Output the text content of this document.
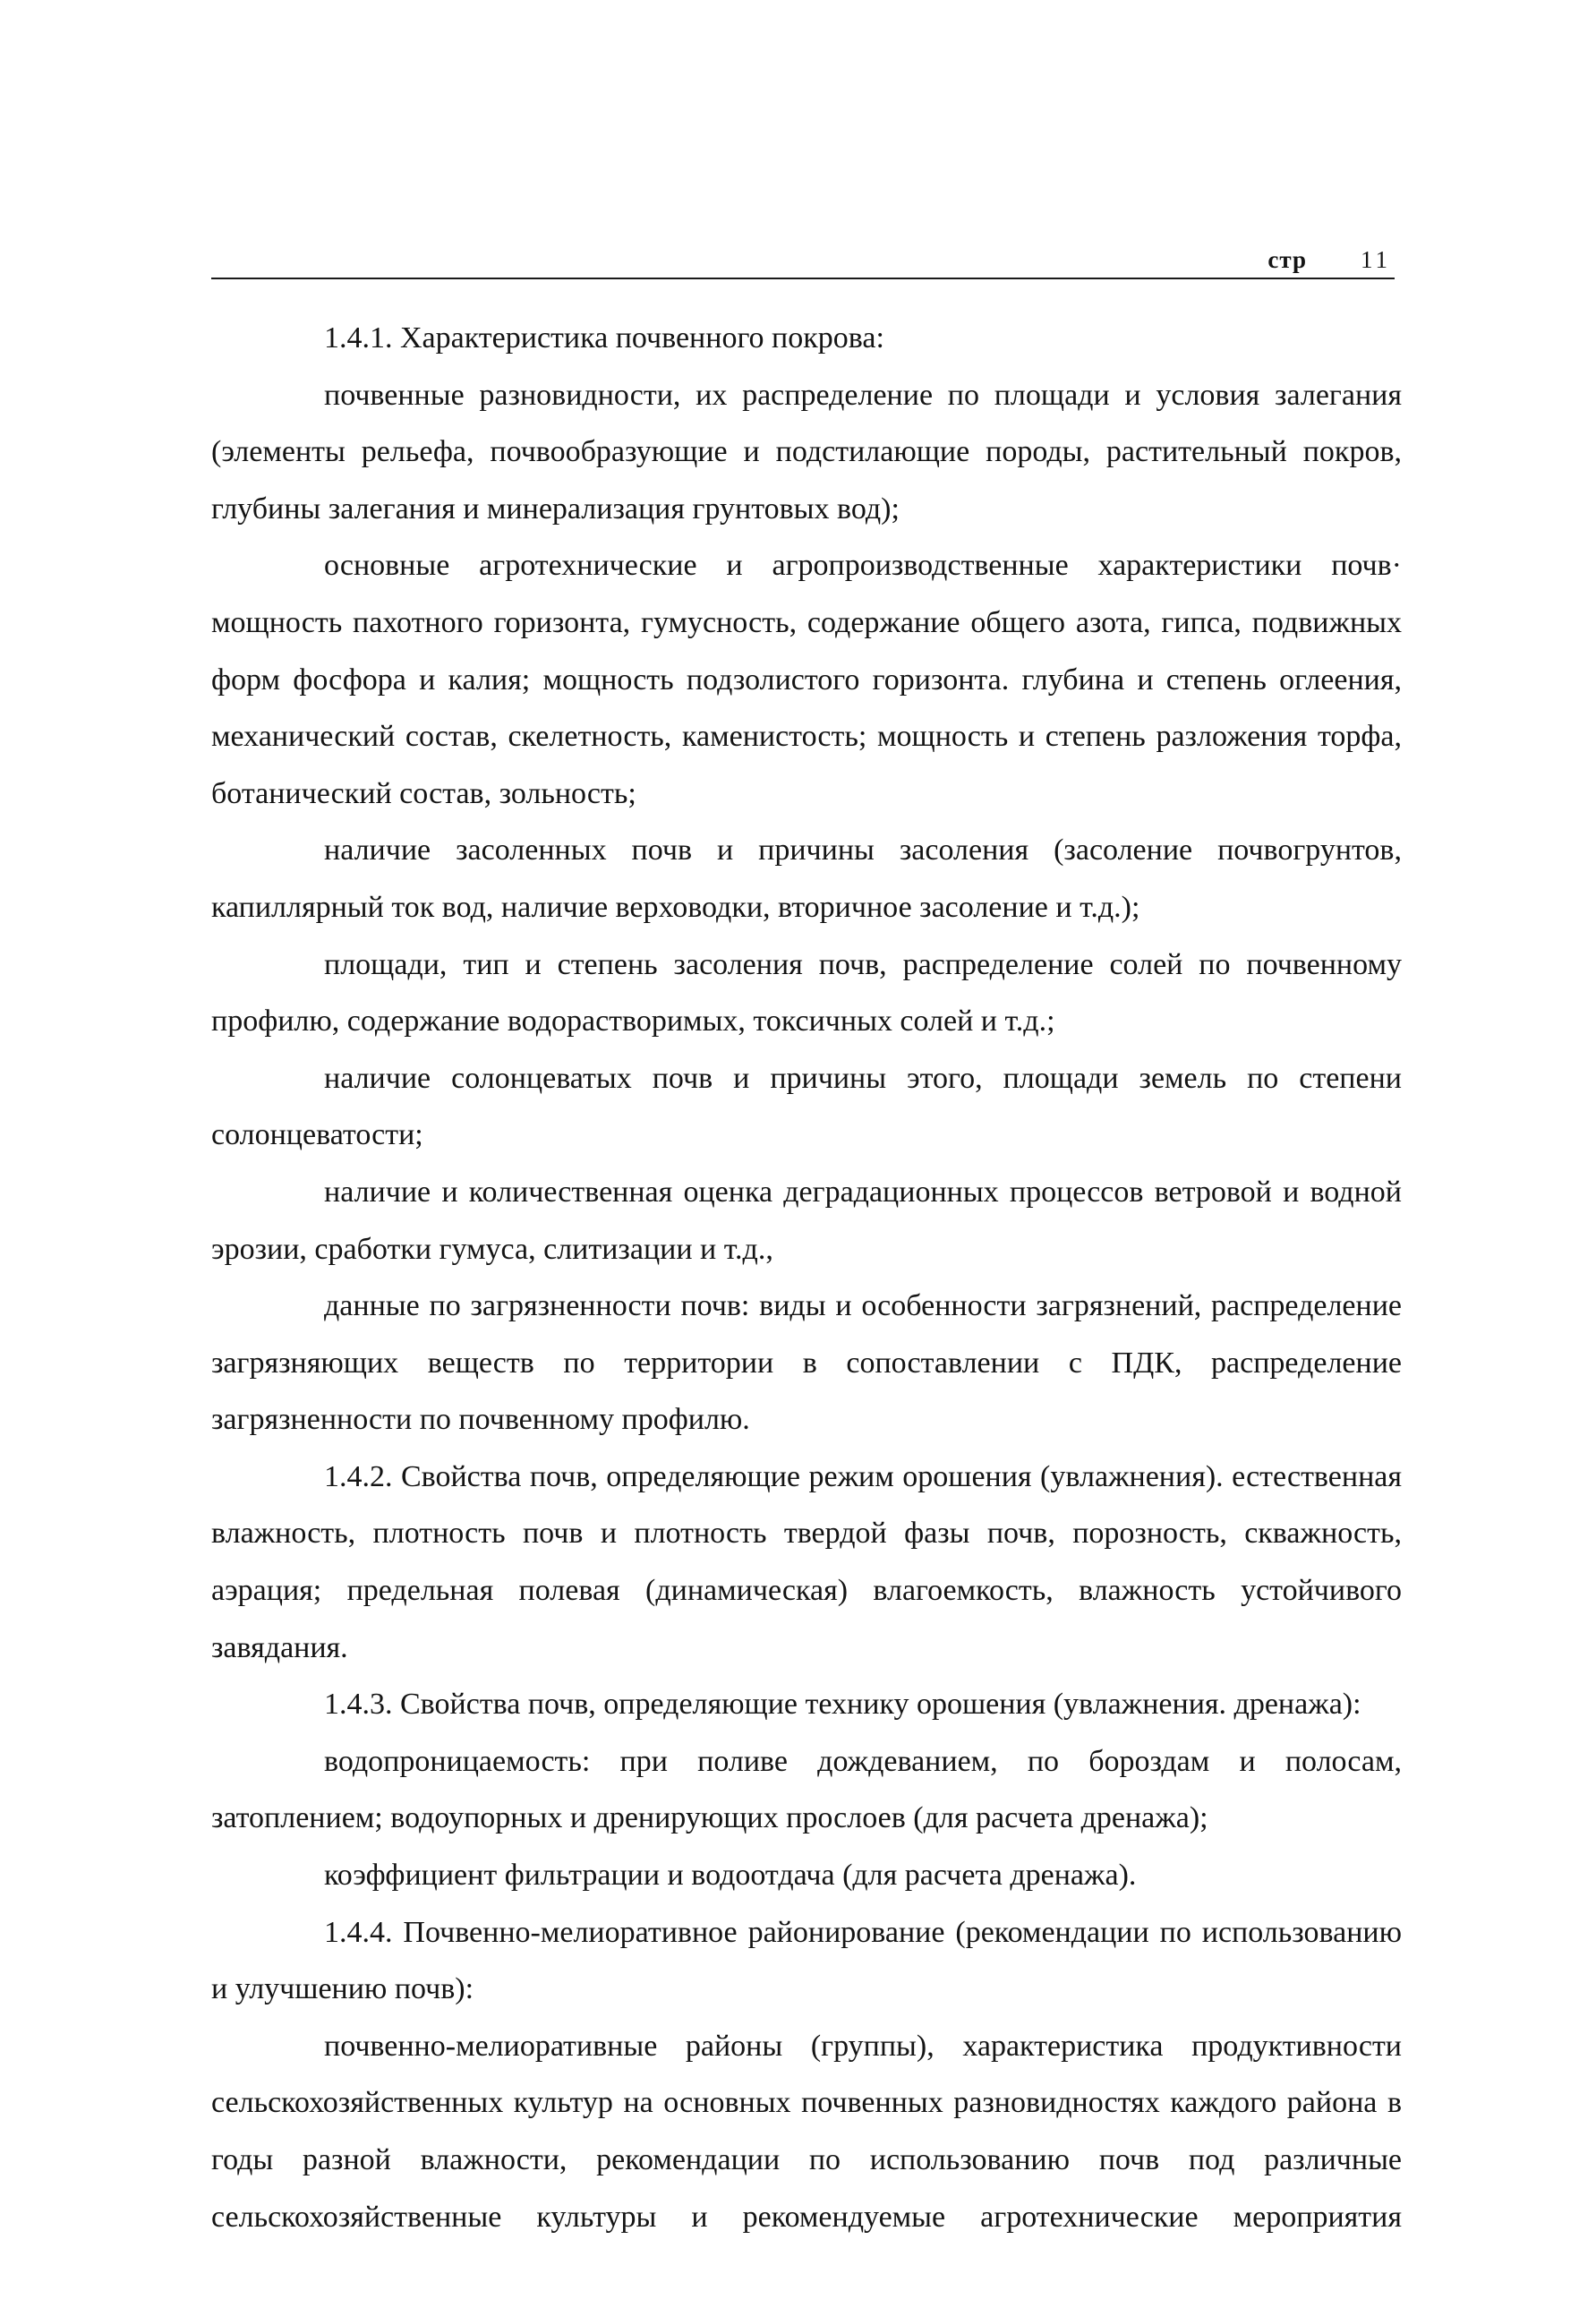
стр 11

1.4.1. Характеристика почвенного покрова:

почвенные разновидности, их распределение по площади и условия залегания (элементы рельефа, почвообразующие и подстилающие породы, растительный покров, глубины залегания и минерализация грунтовых вод);

основные агротехнические и агропроизводственные характеристики почв· мощность пахотного горизонта, гумусность, содержание общего азота, гипса, подвижных форм фосфора и калия; мощность подзолистого горизонта. глубина и степень оглеения, механический состав, скелетность, каменистость; мощность и степень разложения торфа, ботанический состав, зольность;

наличие засоленных почв и причины засоления (засоление почвогрунтов, капиллярный ток вод, наличие верховодки, вторичное засоление и т.д.);

площади, тип и степень засоления почв, распределение солей по почвенному профилю, содержание водорастворимых, токсичных солей и т.д.;

наличие солонцеватых почв и причины этого, площади земель по степени солонцеватости;

наличие и количественная оценка деградационных процессов ветровой и водной эрозии, сработки гумуса, слитизации и т.д.,

данные по загрязненности почв: виды и особенности загрязнений, распределение загрязняющих веществ по территории в сопоставлении с ПДК, распределение загрязненности по почвенному профилю.

1.4.2. Свойства почв, определяющие режим орошения (увлажнения). естественная влажность, плотность почв и плотность твердой фазы почв, порозность, скважность, аэрация; предельная полевая (динамическая) влагоемкость, влажность устойчивого завядания.

1.4.3. Свойства почв, определяющие технику орошения (увлажнения. дренажа):

водопроницаемость: при поливе дождеванием, по бороздам и полосам, затоплением; водоупорных и дренирующих прослоев (для расчета дренажа);

коэффициент фильтрации и водоотдача (для расчета дренажа).

1.4.4. Почвенно-мелиоративное районирование (рекомендации по использованию и улучшению почв):

почвенно-мелиоративные районы (группы), характеристика продуктивности сельскохозяйственных культур на основных почвенных разновидностях каждого района в годы разной влажности, рекомендации по использованию почв под различные сельскохозяйственные культуры и рекомендуемые агротехнические мероприятия
